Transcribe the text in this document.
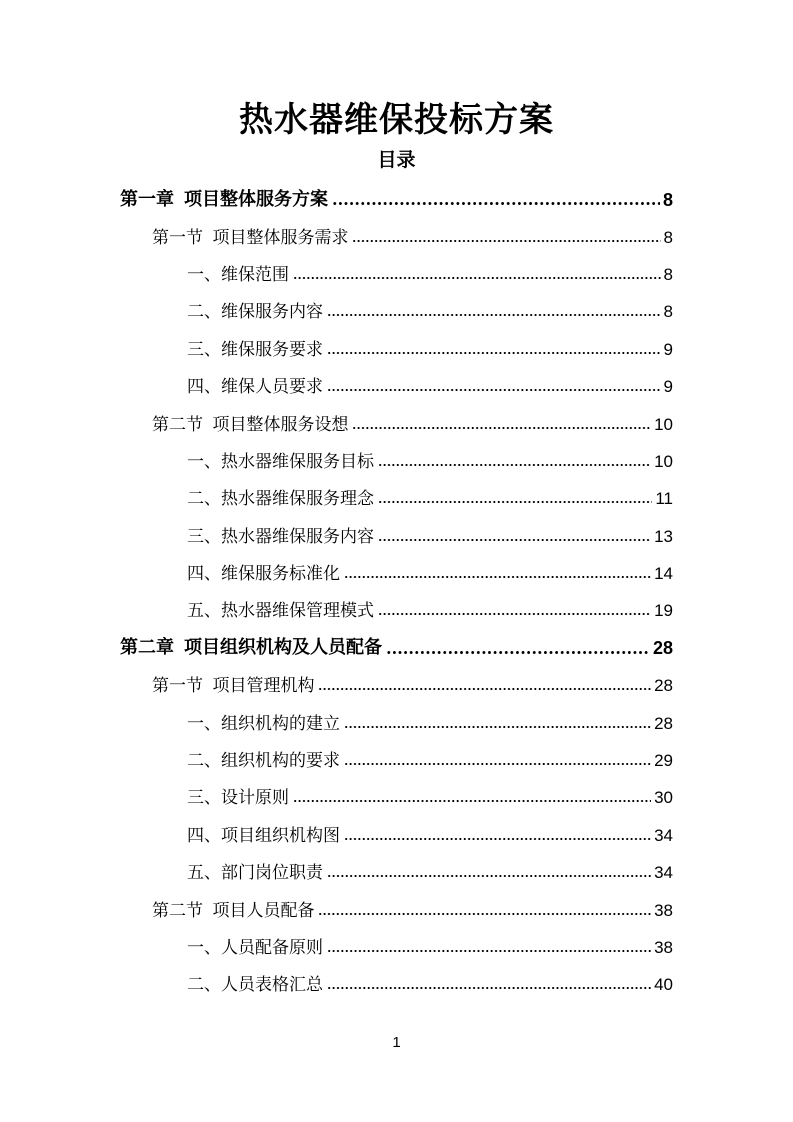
热水器维保投标方案
目录
第一章  项目整体服务方案	8
第一节  项目整体服务需求	8
一、维保范围	8
二、维保服务内容	8
三、维保服务要求	9
四、维保人员要求	9
第二节  项目整体服务设想	10
一、热水器维保服务目标	10
二、热水器维保服务理念	11
三、热水器维保服务内容	13
四、维保服务标准化	14
五、热水器维保管理模式	19
第二章  项目组织机构及人员配备	28
第一节  项目管理机构	28
一、组织机构的建立	28
二、组织机构的要求	29
三、设计原则	30
四、项目组织机构图	34
五、部门岗位职责	34
第二节  项目人员配备	38
一、人员配备原则	38
二、人员表格汇总	40
1
